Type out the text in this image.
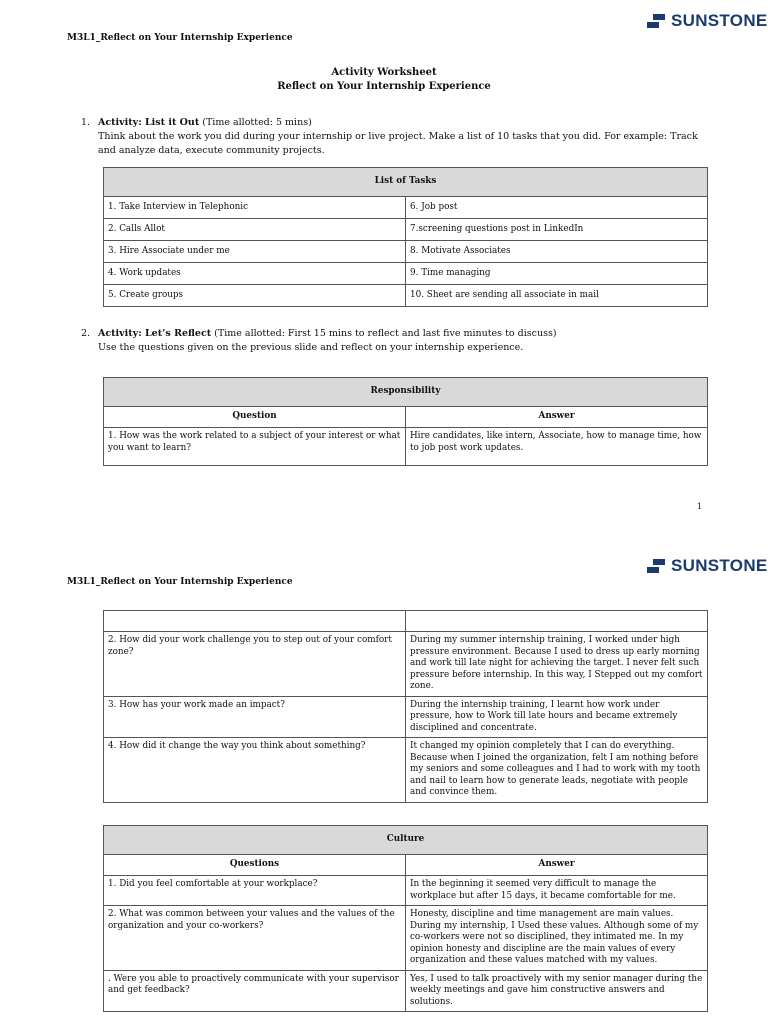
SUNSTONE
M3L1_Reflect on Your Internship Experience
Activity Worksheet
Reflect on Your Internship Experience
1. Activity: List it Out (Time allotted: 5 mins)
Think about the work you did during your internship or live project. Make a list of 10 tasks that you did. For example: Track and analyze data, execute community projects.
List of Tasks	
1. Take Interview in Telephonic	6. Job post
2. Calls Allot	7.screening questions post in LinkedIn
3. Hire Associate under me	8. Motivate Associates
4. Work updates	9. Time managing
5. Create groups	10. Sheet are sending all associate in mail
2. Activity: Let’s Reflect (Time allotted: First 15 mins to reflect and last five minutes to discuss)
Use the questions given on the previous slide and reflect on your internship experience.
Responsibility	
Question	Answer
1. How was the work related to a subject of your interest or what you want to learn?	Hire candidates, like intern, Associate, how to manage time, how to job post work updates.
1
SUNSTONE
M3L1_Reflect on Your Internship Experience

2. How did your work challenge you to step out of your comfort zone?	During my summer internship training, I worked under high pressure environment. Because I used to dress up early morning and work till late night for achieving the target. I never felt such pressure before internship. In this way, I Stepped out my comfort zone.
3. How has your work made an impact?	During the internship training, I learnt how work under pressure, how to Work till late hours and became extremely disciplined and concentrate.
4. How did it change the way you think about something?	It changed my opinion completely that I can do everything. Because when I joined the organization, felt I am nothing before my seniors and some colleagues and I had to work with my tooth and nail to learn how to generate leads, negotiate with people and convince them.
Culture	
Questions	Answer
1. Did you feel comfortable at your workplace?	In the beginning it seemed very difficult to manage the workplace but after 15 days, it became comfortable for me.
2. What was common between your values and the values of the organization and your co-workers?	Honesty, discipline and time management are main values. During my internship, I Used these values. Although some of my co-workers were not so disciplined, they intimated me. In my opinion honesty and discipline are the main values of every organization and these values matched with my values.
. Were you able to proactively communicate with your supervisor and get feedback?	Yes, I used to talk proactively with my senior manager during the weekly meetings and gave him constructive answers and solutions.
